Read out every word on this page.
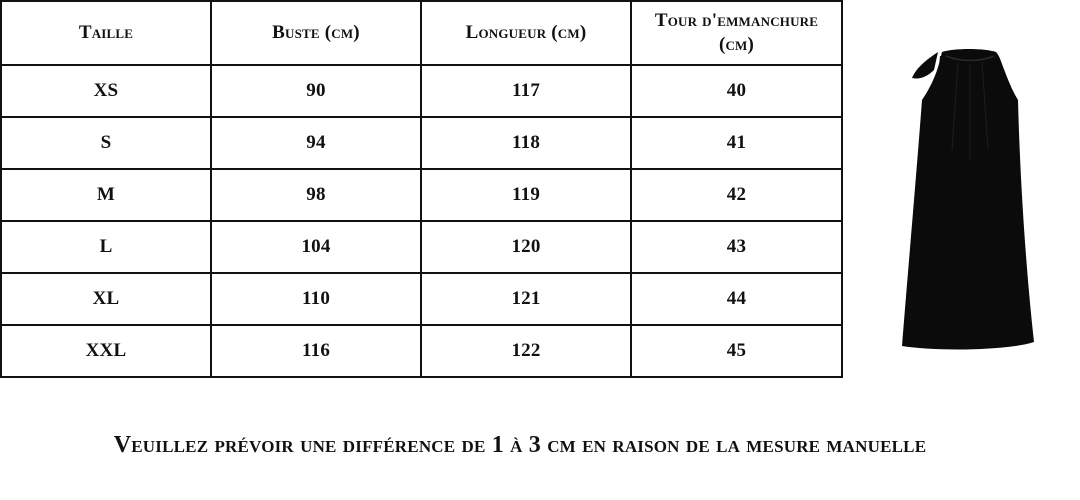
Taille	Buste (cm)	Longueur (cm)	Tour d'emmanchure (cm)
XS	90	117	40
S	94	118	41
M	98	119	42
L	104	120	43
XL	110	121	44
XXL	116	122	45
Veuillez prévoir une différence de 1 à 3 cm en raison de la mesure manuelle
